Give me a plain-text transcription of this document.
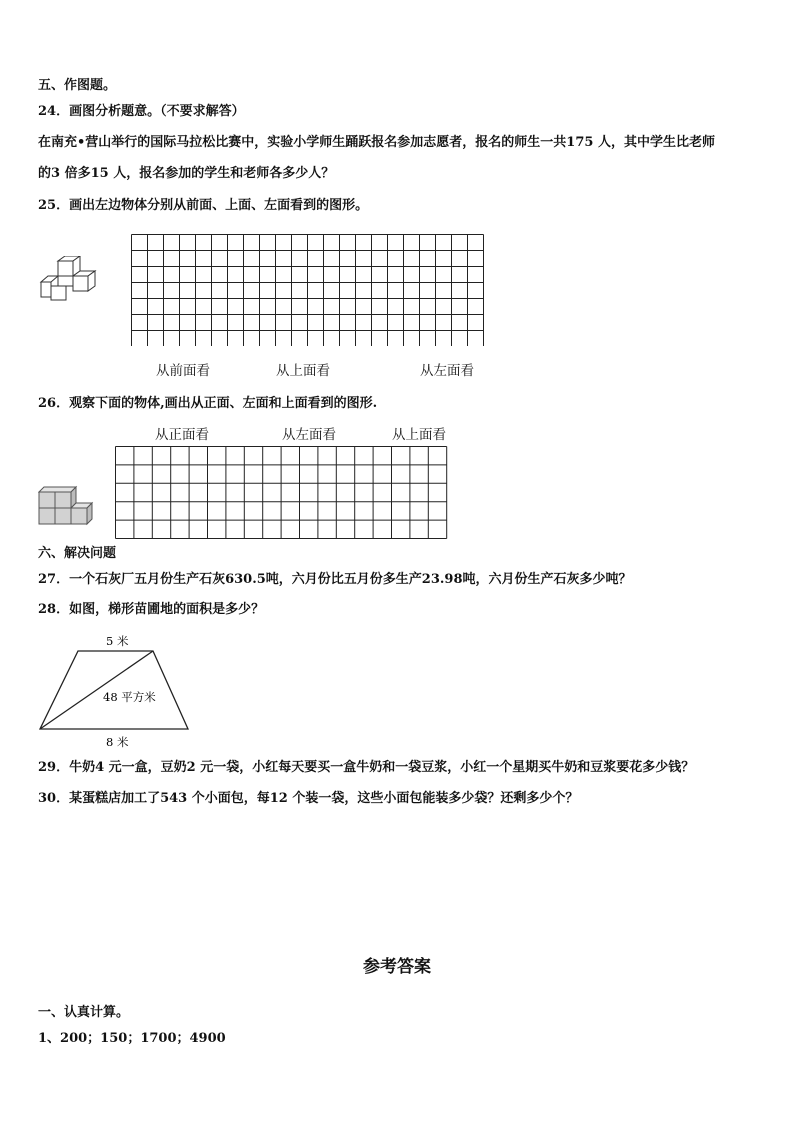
五、作图题。
24．画图分析题意。（不要求解答）
在南充•营山举行的国际马拉松比赛中，实验小学师生踊跃报名参加志愿者，报名的师生一共175 人，其中学生比老师
的3 倍多15 人，报名参加的学生和老师各多少人？
25．画出左边物体分别从前面、上面、左面看到的图形。
从前面看	从上面看	从左面看
26．观察下面的物体,画出从正面、左面和上面看到的图形.
从正面看	从左面看	从上面看
六、解决问题
27．一个石灰厂五月份生产石灰630.5吨，六月份比五月份多生产23.98吨，六月份生产石灰多少吨？
28．如图，梯形苗圃地的面积是多少？
5 米
48 平方米
8 米
29．牛奶4 元一盒，豆奶2 元一袋，小红每天要买一盒牛奶和一袋豆浆，小红一个星期买牛奶和豆浆要花多少钱？
30．某蛋糕店加工了543 个小面包，每12 个装一袋，这些小面包能装多少袋？还剩多少个？
参考答案
一、认真计算。
1、200；150；1700；4900
